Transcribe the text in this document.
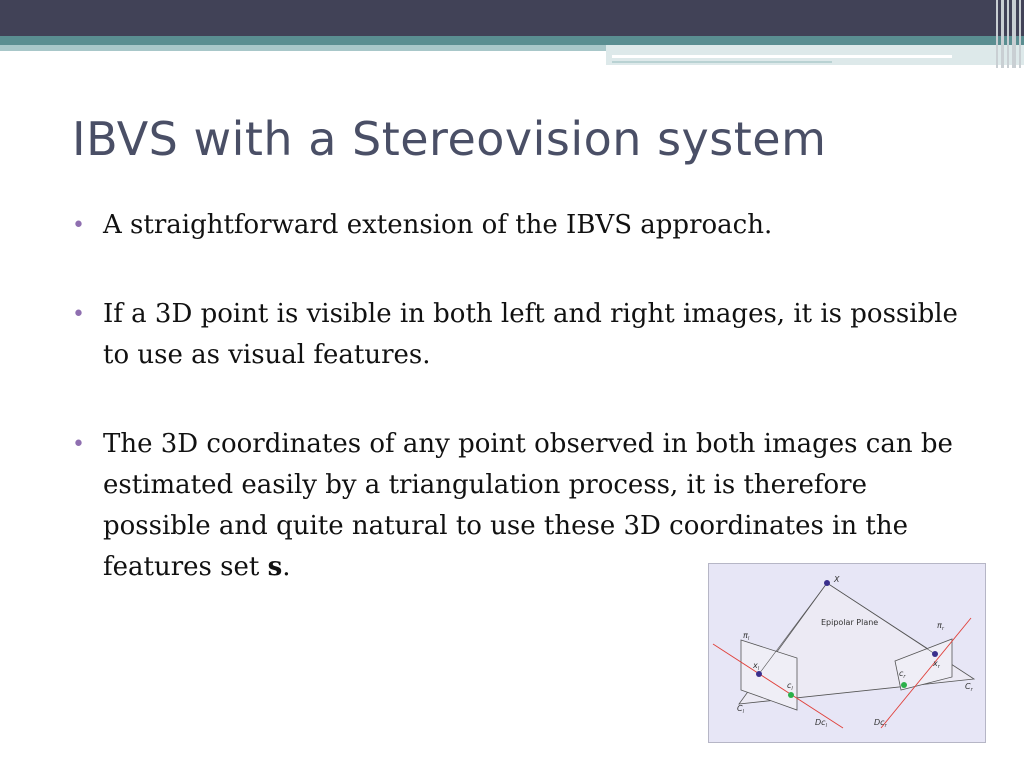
IBVS with a Stereovision system
• A straightforward extension of the IBVS approach.
• If a 3D point is visible in both left and right images, it is possible to use as visual features.
• The 3D coordinates of any point observed in both images can be estimated easily by a triangulation process, it is therefore possible and quite natural to use these 3D coordinates in the features set s.	X
Epipolar Plane
$\pi_l$
$\pi_r$
$x_l$
$x_r$
$c_l$
$c_r$
$C_l$
$C_r$
$Dc_l$	$Dc_r$
